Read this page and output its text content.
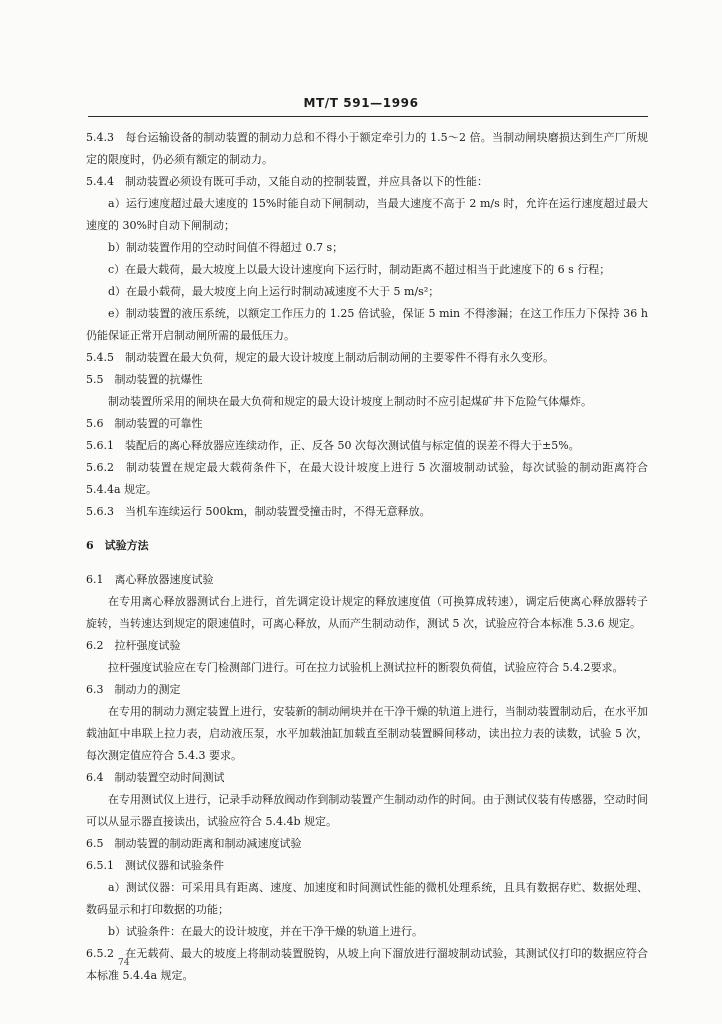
MT/T 591—1996

5.4.3　每台运输设备的制动装置的制动力总和不得小于额定牵引力的 1.5～2 倍。当制动闸块磨损达到生产厂所规定的限度时，仍必须有额定的制动力。

5.4.4　制动装置必须设有既可手动，又能自动的控制装置，并应具备以下的性能：

a）运行速度超过最大速度的 15%时能自动下闸制动，当最大速度不高于 2 m/s 时，允许在运行速度超过最大速度的 30%时自动下闸制动；

b）制动装置作用的空动时间值不得超过 0.7 s；

c）在最大载荷，最大坡度上以最大设计速度向下运行时，制动距离不超过相当于此速度下的 6 s 行程；

d）在最小载荷，最大坡度上向上运行时制动减速度不大于 5 m/s²；

e）制动装置的液压系统，以额定工作压力的 1.25 倍试验，保证 5 min 不得渗漏；在这工作压力下保持 36 h 仍能保证正常开启制动闸所需的最低压力。

5.4.5　制动装置在最大负荷，规定的最大设计坡度上制动后制动闸的主要零件不得有永久变形。

5.5　制动装置的抗爆性

制动装置所采用的闸块在最大负荷和规定的最大设计坡度上制动时不应引起煤矿井下危险气体爆炸。

5.6　制动装置的可靠性

5.6.1　装配后的离心释放器应连续动作，正、反各 50 次每次测试值与标定值的误差不得大于±5%。

5.6.2　制动装置在规定最大载荷条件下，在最大设计坡度上进行 5 次溜坡制动试验，每次试验的制动距离符合 5.4.4a 规定。

5.6.3　当机车连续运行 500km，制动装置受撞击时，不得无意释放。

6　试验方法

6.1　离心释放器速度试验

在专用离心释放器测试台上进行，首先调定设计规定的释放速度值（可换算成转速），调定后使离心释放器转子旋转，当转速达到规定的限速值时，可离心释放，从而产生制动动作，测试 5 次，试验应符合本标准 5.3.6 规定。

6.2　拉杆强度试验

拉杆强度试验应在专门检测部门进行。可在拉力试验机上测试拉杆的断裂负荷值，试验应符合 5.4.2要求。

6.3　制动力的测定

在专用的制动力测定装置上进行，安装新的制动闸块并在干净干燥的轨道上进行，当制动装置制动后，在水平加载油缸中串联上拉力表，启动液压泵，水平加载油缸加载直至制动装置瞬间移动，读出拉力表的读数，试验 5 次，每次测定值应符合 5.4.3 要求。

6.4　制动装置空动时间测试

在专用测试仪上进行，记录手动释放阀动作到制动装置产生制动动作的时间。由于测试仪装有传感器，空动时间可以从显示器直接读出，试验应符合 5.4.4b 规定。

6.5　制动装置的制动距离和制动减速度试验

6.5.1　测试仪器和试验条件

a）测试仪器：可采用具有距离、速度、加速度和时间测试性能的微机处理系统，且具有数据存贮、数据处理、数码显示和打印数据的功能；

b）试验条件：在最大的设计坡度，并在干净干燥的轨道上进行。

6.5.2　在无载荷、最大的坡度上将制动装置脱钩，从坡上向下溜放进行溜坡制动试验，其测试仪打印的数据应符合本标准 5.4.4a 规定。

74
